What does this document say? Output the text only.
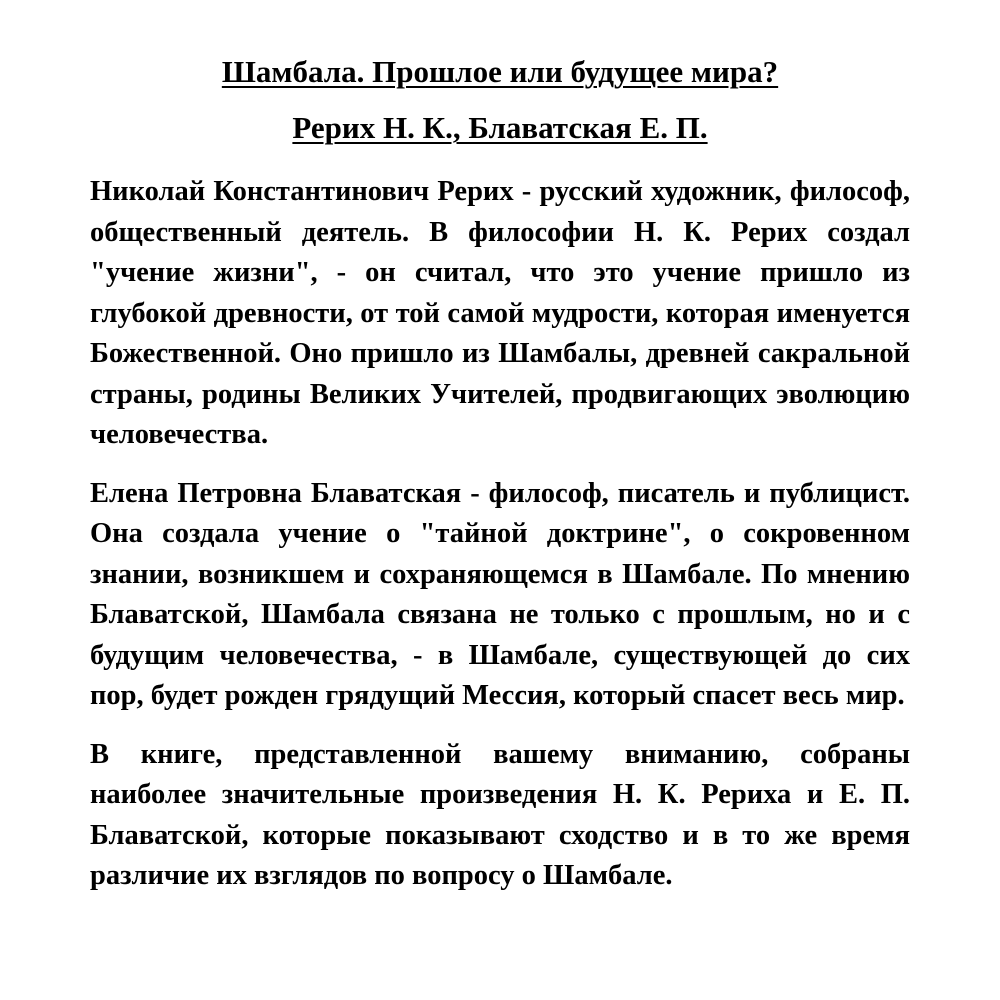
Шамбала. Прошлое или будущее мира?
Рерих Н. К., Блаватская Е. П.

Николай Константинович Рерих - русский художник, философ, общественный деятель. В философии Н. К. Рерих создал "учение жизни", - он считал, что это учение пришло из глубокой древности, от той самой мудрости, которая именуется Божественной. Оно пришло из Шамбалы, древней сакральной страны, родины Великих Учителей, продвигающих эволюцию человечества.

Елена Петровна Блаватская - философ, писатель и публицист. Она создала учение о "тайной доктрине", о сокровенном знании, возникшем и сохраняющемся в Шамбале. По мнению Блаватской, Шамбала связана не только с прошлым, но и с будущим человечества, - в Шамбале, существующей до сих пор, будет рожден грядущий Мессия, который спасет весь мир.

В книге, представленной вашему вниманию, собраны наиболее значительные произведения Н. К. Рериха и Е. П. Блаватской, которые показывают сходство и в то же время различие их взглядов по вопросу о Шамбале.
